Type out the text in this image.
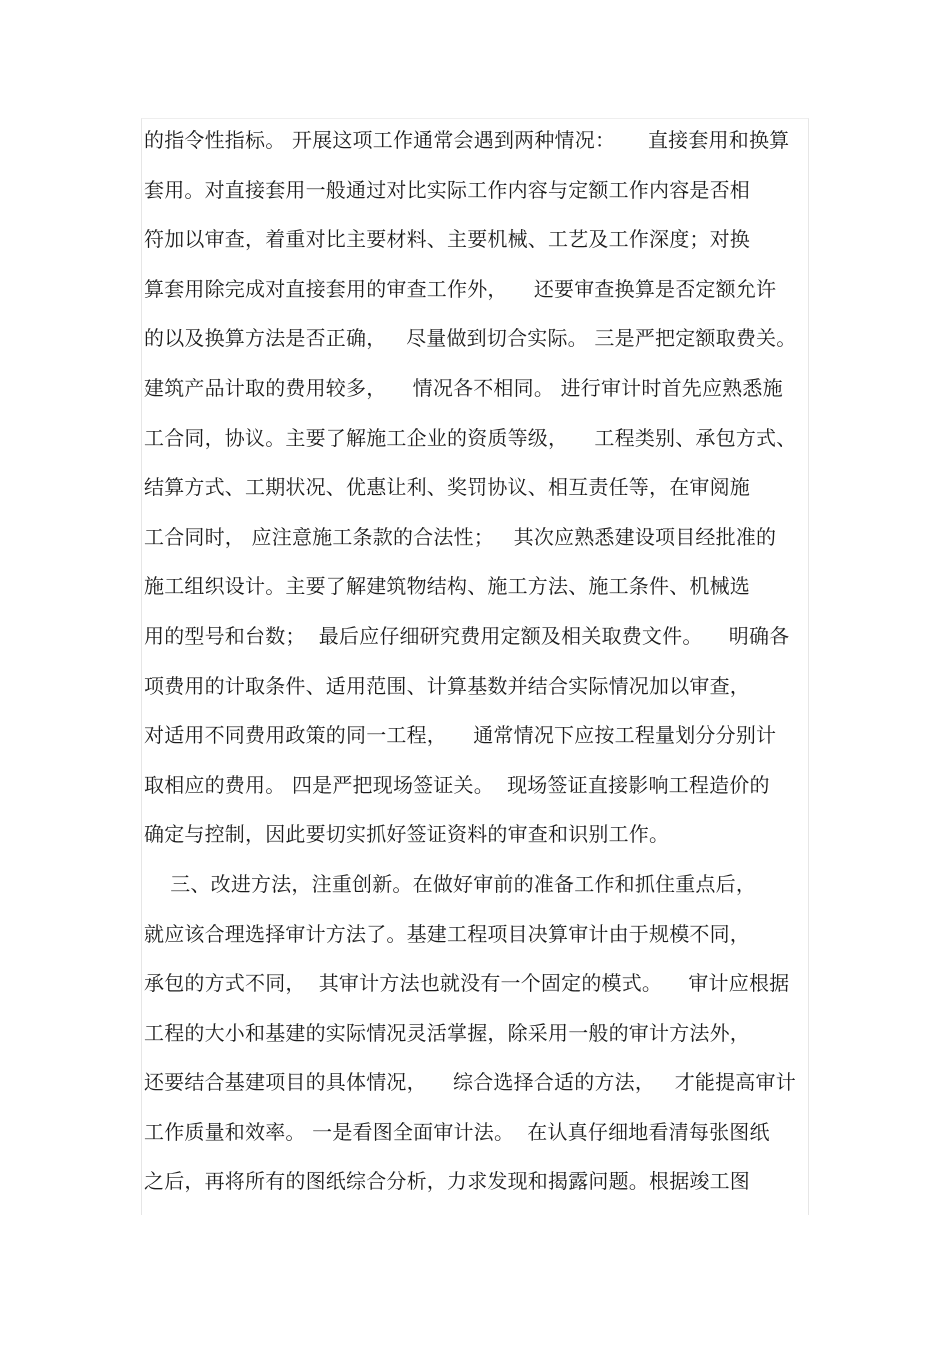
的指令性指标。 开展这项工作通常会遇到两种情况：     直接套用和换算
套用。对直接套用一般通过对比实际工作内容与定额工作内容是否相
符加以审查，着重对比主要材料、主要机械、工艺及工作深度；对换
算套用除完成对直接套用的审查工作外，    还要审查换算是否定额允许
的以及换算方法是否正确，   尽量做到切合实际。 三是严把定额取费关。
建筑产品计取的费用较多，    情况各不相同。 进行审计时首先应熟悉施
工合同，协议。主要了解施工企业的资质等级，    工程类别、承包方式、
结算方式、工期状况、优惠让利、奖罚协议、相互责任等，在审阅施
工合同时， 应注意施工条款的合法性；   其次应熟悉建设项目经批准的
施工组织设计。主要了解建筑物结构、施工方法、施工条件、机械选
用的型号和台数；  最后应仔细研究费用定额及相关取费文件。    明确各
项费用的计取条件、适用范围、计算基数并结合实际情况加以审查，
对适用不同费用政策的同一工程，    通常情况下应按工程量划分分别计
取相应的费用。 四是严把现场签证关。  现场签证直接影响工程造价的
确定与控制，因此要切实抓好签证资料的审查和识别工作。
三、改进方法，注重创新。在做好审前的准备工作和抓住重点后，
就应该合理选择审计方法了。基建工程项目决算审计由于规模不同，
承包的方式不同，  其审计方法也就没有一个固定的模式。    审计应根据
工程的大小和基建的实际情况灵活掌握，除采用一般的审计方法外，
还要结合基建项目的具体情况，    综合选择合适的方法，   才能提高审计
工作质量和效率。 一是看图全面审计法。  在认真仔细地看清每张图纸
之后，再将所有的图纸综合分析，力求发现和揭露问题。根据竣工图
